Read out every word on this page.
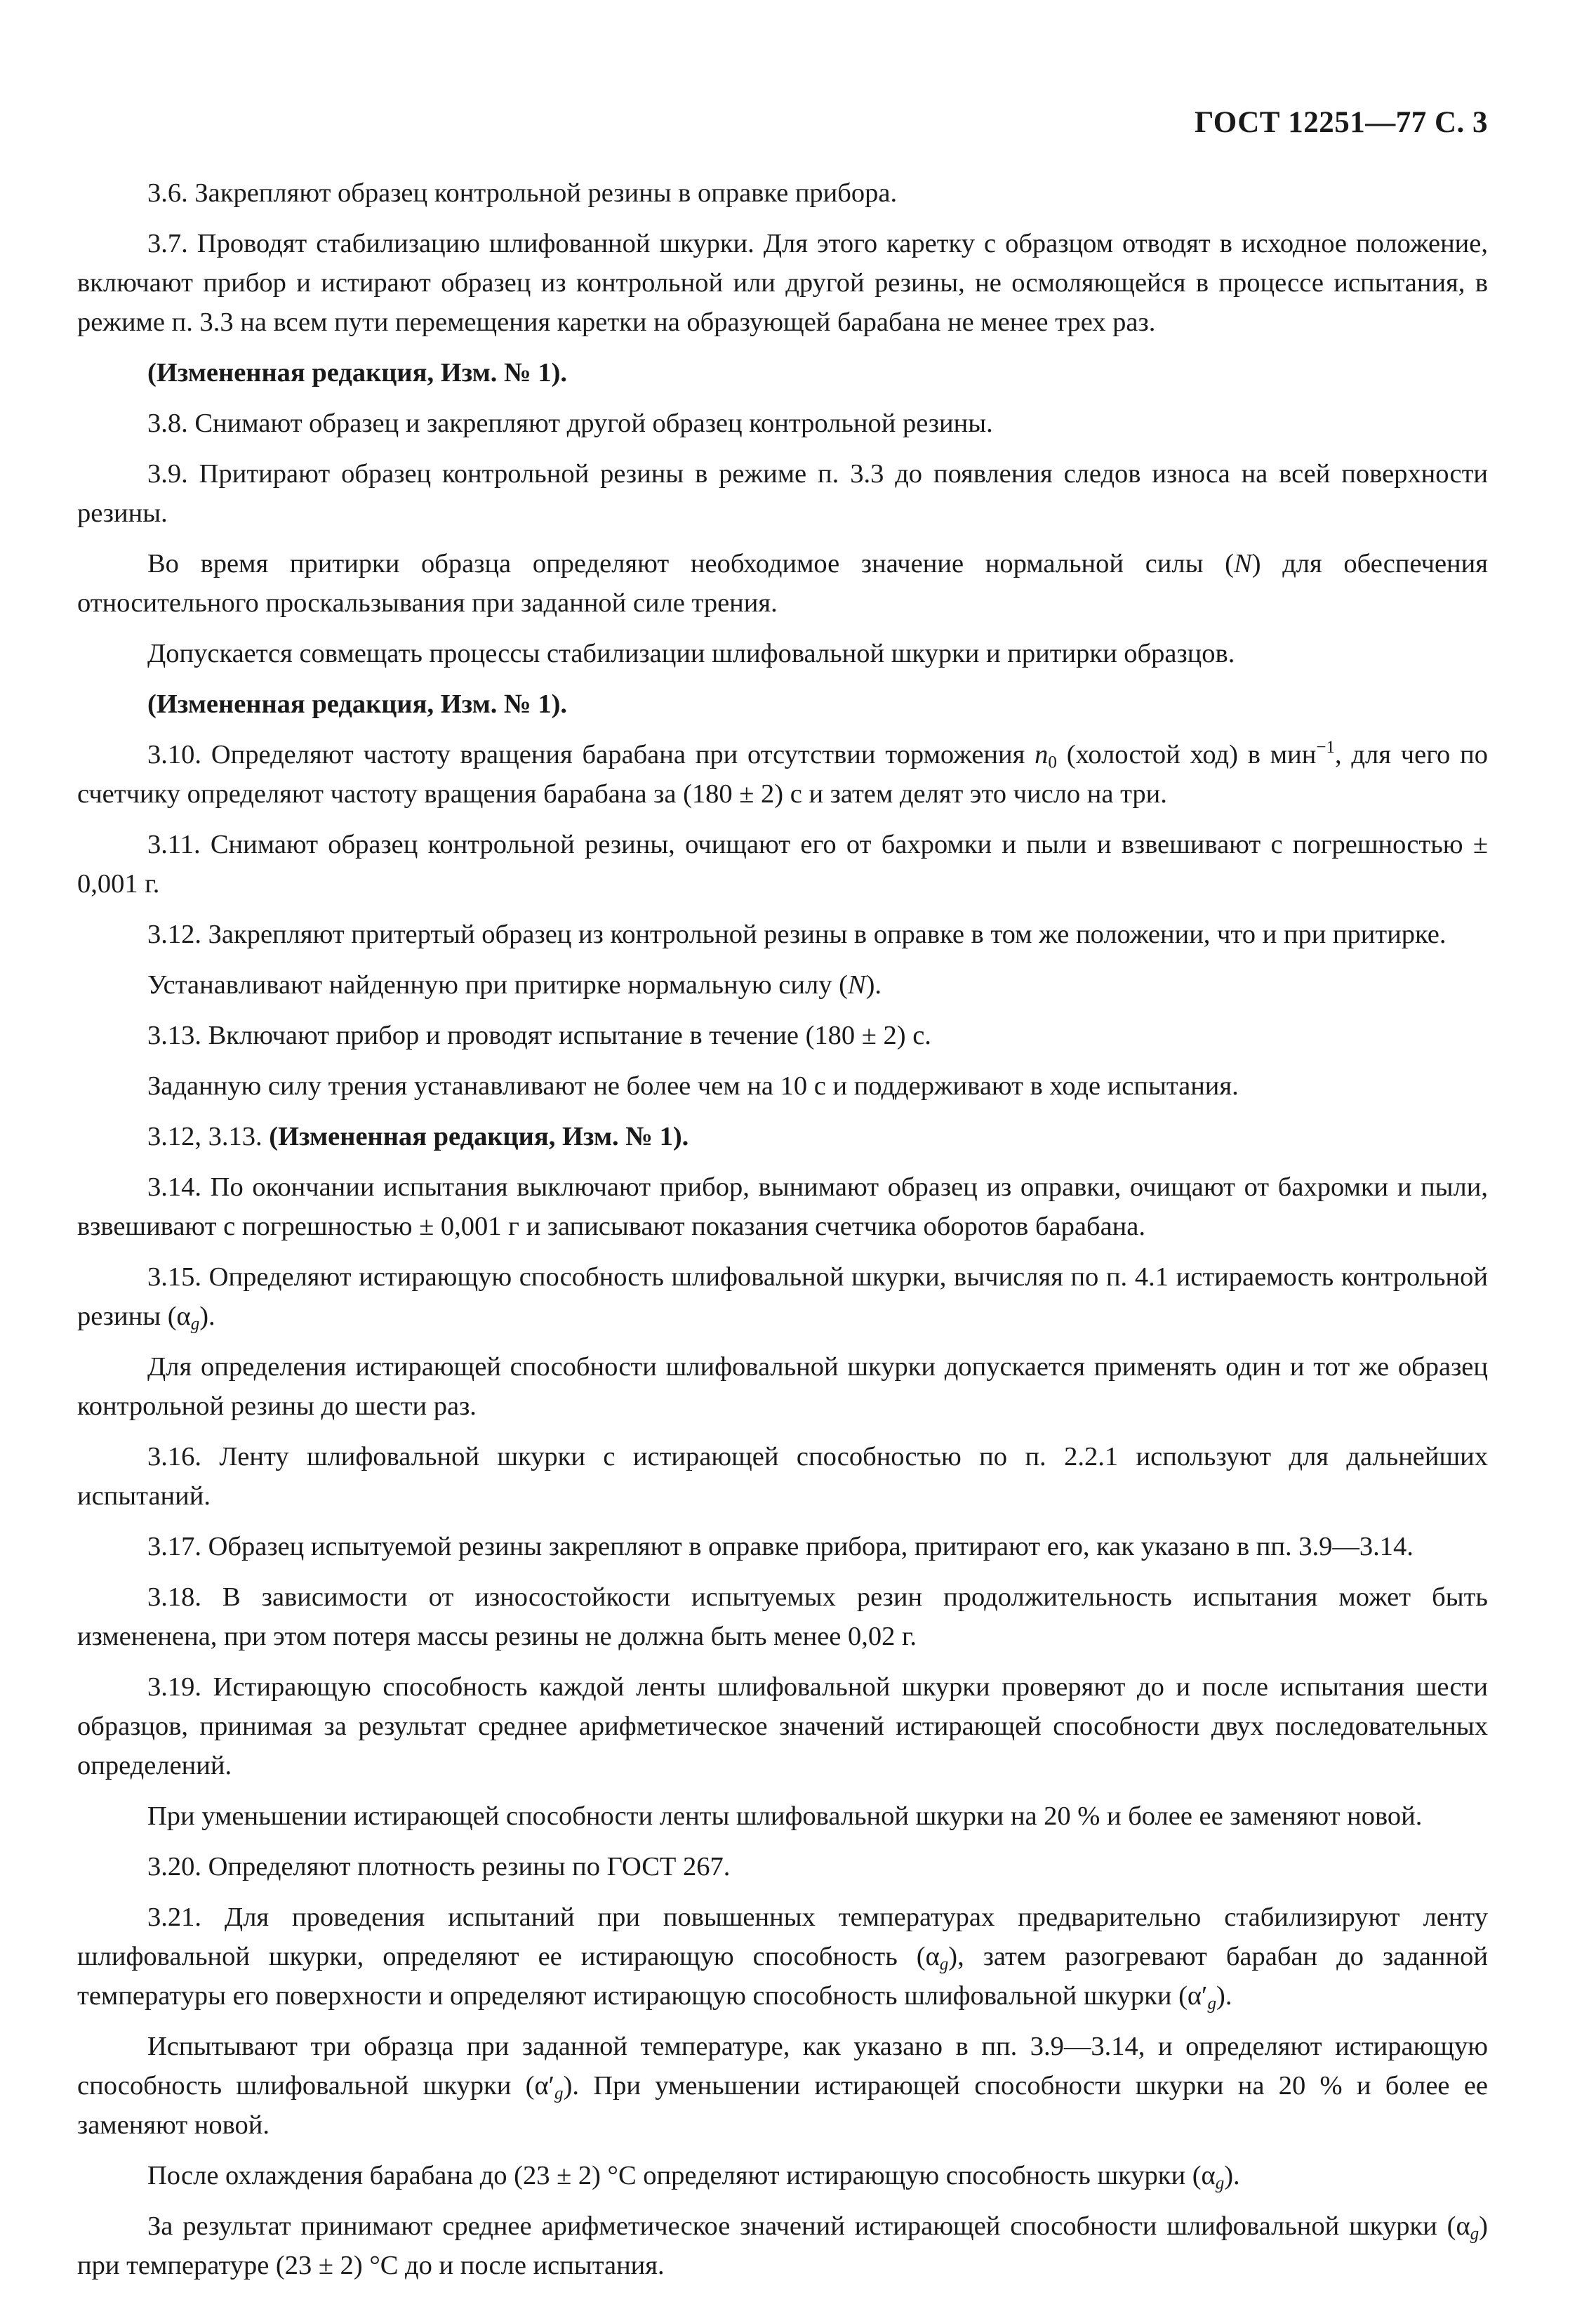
ГОСТ 12251—77 С. 3

3.6. Закрепляют образец контрольной резины в оправке прибора.

3.7. Проводят стабилизацию шлифованной шкурки. Для этого каретку с образцом отводят в исходное положение, включают прибор и истирают образец из контрольной или другой резины, не осмоляющейся в процессе испытания, в режиме п. 3.3 на всем пути перемещения каретки на образующей барабана не менее трех раз.

(Измененная редакция, Изм. № 1).

3.8. Снимают образец и закрепляют другой образец контрольной резины.

3.9. Притирают образец контрольной резины в режиме п. 3.3 до появления следов износа на всей поверхности резины.

Во время притирки образца определяют необходимое значение нормальной силы (N) для обеспечения относительного проскальзывания при заданной силе трения.

Допускается совмещать процессы стабилизации шлифовальной шкурки и притирки образцов.

(Измененная редакция, Изм. № 1).

3.10. Определяют частоту вращения барабана при отсутствии торможения $n_0$ (холостой ход) в мин$^{-1}$, для чего по счетчику определяют частоту вращения барабана за (180 ± 2) с и затем делят это число на три.

3.11. Снимают образец контрольной резины, очищают его от бахромки и пыли и взвешивают с погрешностью ± 0,001 г.

3.12. Закрепляют притертый образец из контрольной резины в оправке в том же положении, что и при притирке.

Устанавливают найденную при притирке нормальную силу (N).

3.13. Включают прибор и проводят испытание в течение (180 ± 2) с.

Заданную силу трения устанавливают не более чем на 10 с и поддерживают в ходе испытания.

3.12, 3.13. (Измененная редакция, Изм. № 1).

3.14. По окончании испытания выключают прибор, вынимают образец из оправки, очищают от бахромки и пыли, взвешивают с погрешностью ± 0,001 г и записывают показания счетчика оборотов барабана.

3.15. Определяют истирающую способность шлифовальной шкурки, вычисляя по п. 4.1 истираемость контрольной резины $(\alpha_g)$.

Для определения истирающей способности шлифовальной шкурки допускается применять один и тот же образец контрольной резины до шести раз.

3.16. Ленту шлифовальной шкурки с истирающей способностью по п. 2.2.1 используют для дальнейших испытаний.

3.17. Образец испытуемой резины закрепляют в оправке прибора, притирают его, как указано в пп. 3.9—3.14.

3.18. В зависимости от износостойкости испытуемых резин продолжительность испытания может быть измененена, при этом потеря массы резины не должна быть менее 0,02 г.

3.19. Истирающую способность каждой ленты шлифовальной шкурки проверяют до и после испытания шести образцов, принимая за результат среднее арифметическое значений истирающей способности двух последовательных определений.

При уменьшении истирающей способности ленты шлифовальной шкурки на 20 % и более ее заменяют новой.

3.20. Определяют плотность резины по ГОСТ 267.

3.21. Для проведения испытаний при повышенных температурах предварительно стабилизируют ленту шлифовальной шкурки, определяют ее истирающую способность $(\alpha_g)$, затем разогревают барабан до заданной температуры его поверхности и определяют истирающую способность шлифовальной шкурки $(\alpha'_g)$.

Испытывают три образца при заданной температуре, как указано в пп. 3.9—3.14, и определяют истирающую способность шлифовальной шкурки $(\alpha'_g)$. При уменьшении истирающей способности шкурки на 20 % и более ее заменяют новой.

После охлаждения барабана до (23 ± 2) °С определяют истирающую способность шкурки $(\alpha_g)$.

За результат принимают среднее арифметическое значений истирающей способности шлифовальной шкурки $(\alpha_g)$ при температуре (23 ± 2) °С до и после испытания.
